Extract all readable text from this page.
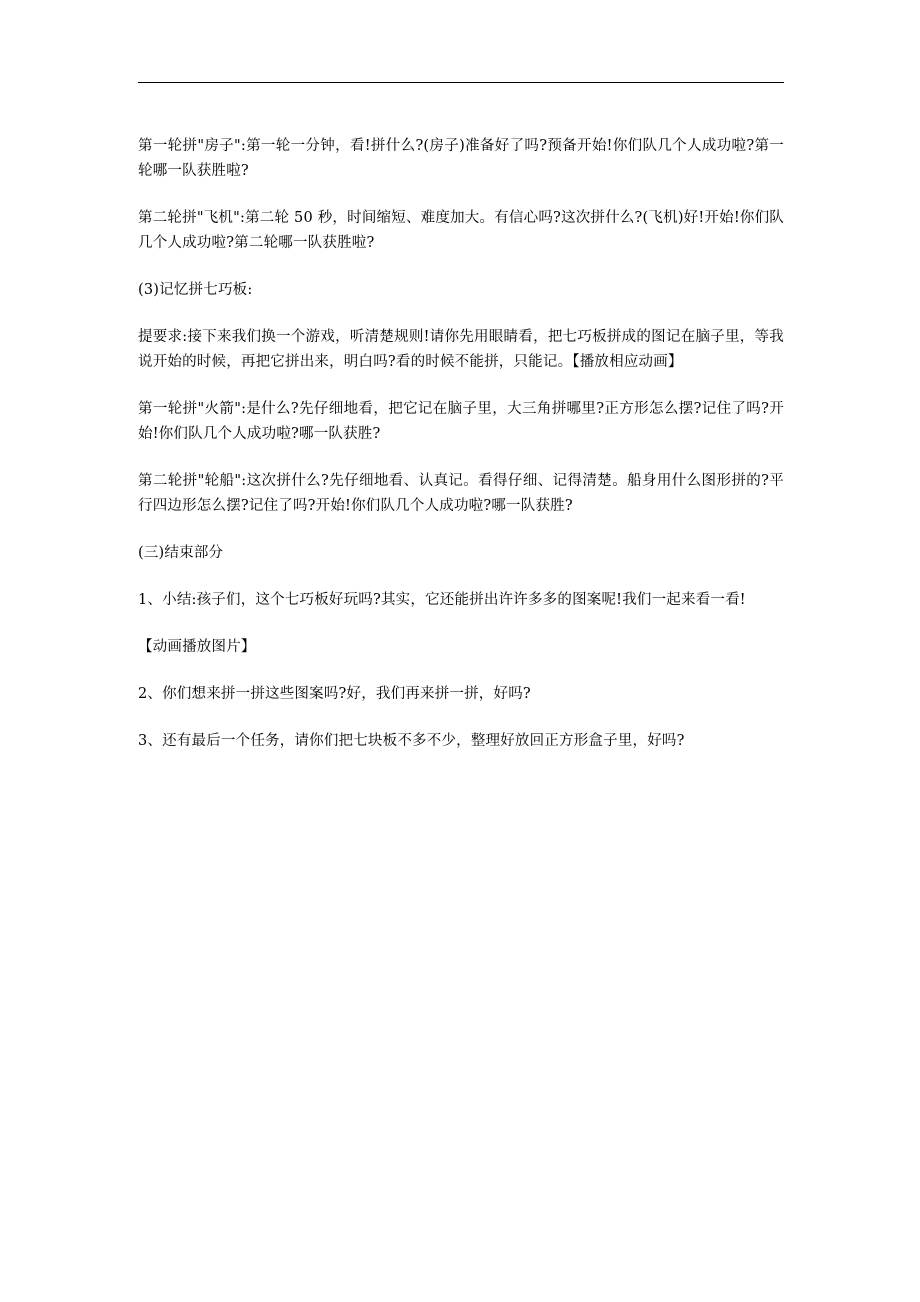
第一轮拼"房子":第一轮一分钟，看!拼什么?(房子)准备好了吗?预备开始!你们队几个人成功啦?第一轮哪一队获胜啦?

第二轮拼"飞机":第二轮 50 秒，时间缩短、难度加大。有信心吗?这次拼什么?(飞机)好!开始!你们队几个人成功啦?第二轮哪一队获胜啦?

(3)记忆拼七巧板:

提要求:接下来我们换一个游戏，听清楚规则!请你先用眼睛看，把七巧板拼成的图记在脑子里，等我说开始的时候，再把它拼出来，明白吗?看的时候不能拼，只能记。【播放相应动画】

第一轮拼"火箭":是什么?先仔细地看，把它记在脑子里，大三角拼哪里?正方形怎么摆?记住了吗?开始!你们队几个人成功啦?哪一队获胜?

第二轮拼"轮船":这次拼什么?先仔细地看、认真记。看得仔细、记得清楚。船身用什么图形拼的?平行四边形怎么摆?记住了吗?开始!你们队几个人成功啦?哪一队获胜?

(三)结束部分

1、小结:孩子们，这个七巧板好玩吗?其实，它还能拼出许许多多的图案呢!我们一起来看一看!

【动画播放图片】

2、你们想来拼一拼这些图案吗?好，我们再来拼一拼，好吗?

3、还有最后一个任务，请你们把七块板不多不少，整理好放回正方形盒子里，好吗?
